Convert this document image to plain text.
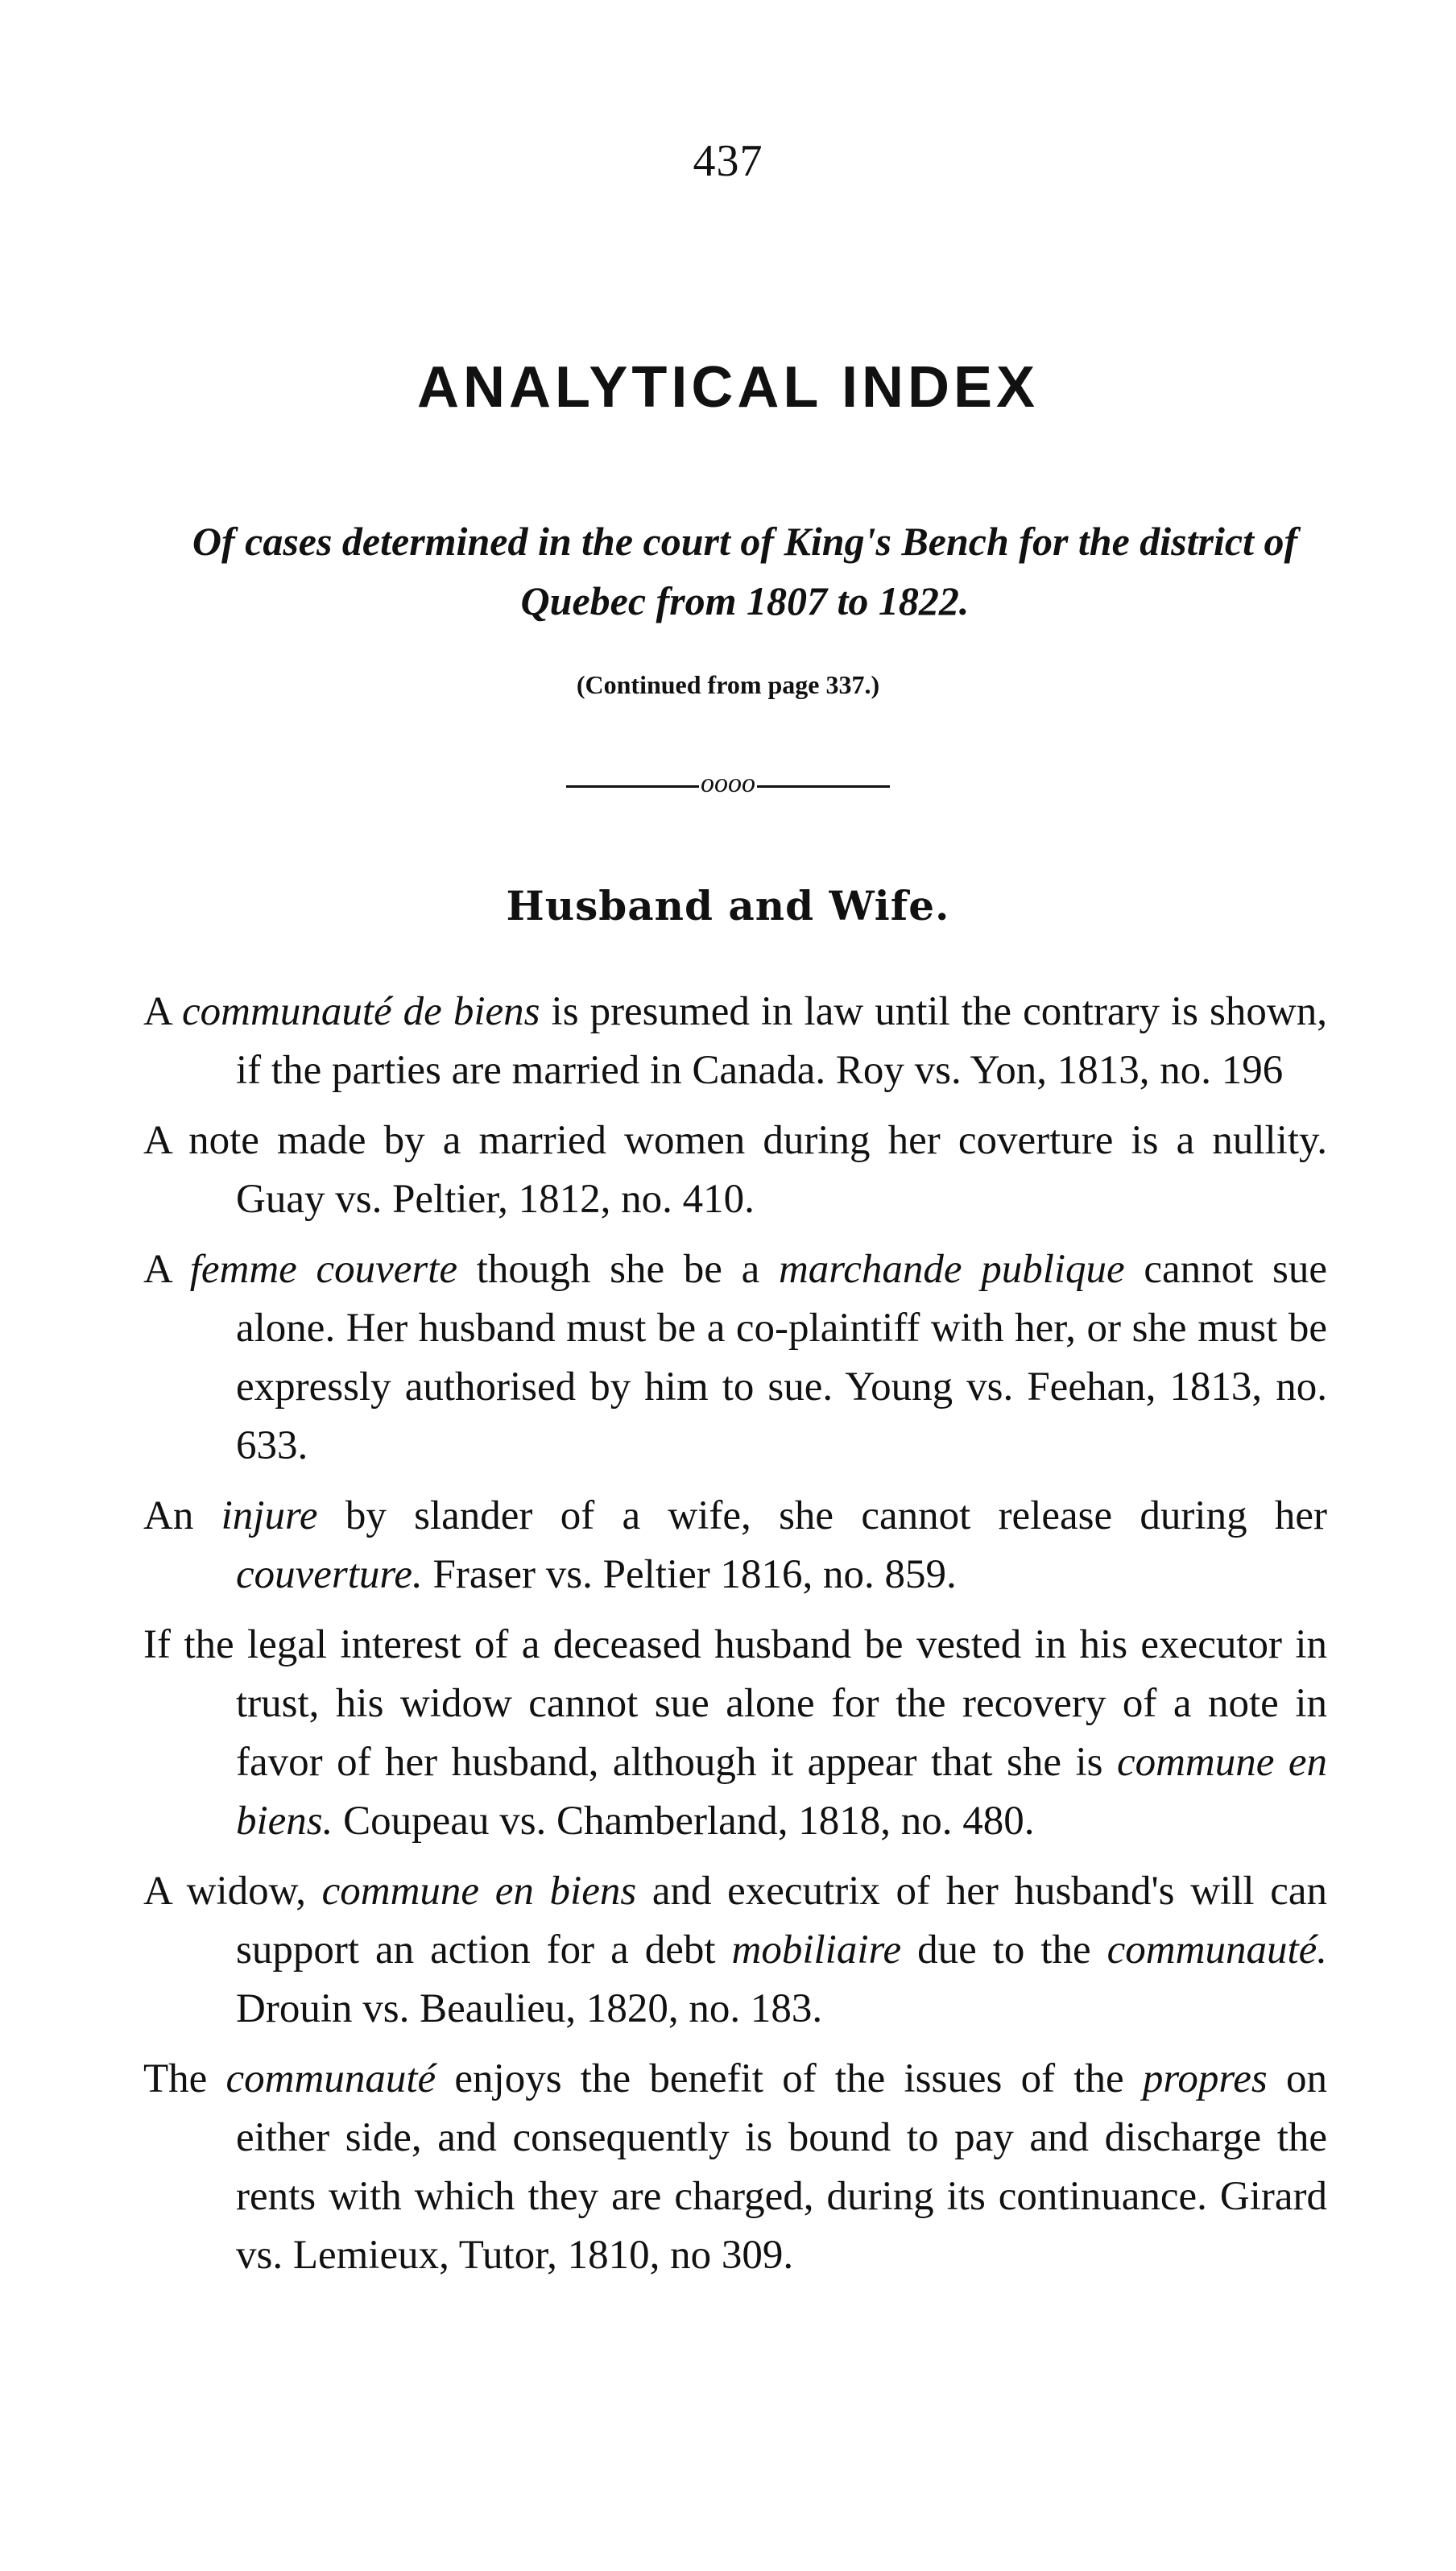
437
ANALYTICAL INDEX
Of cases determined in the court of King's Bench for the district of Quebec from 1807 to 1822.
(Continued from page 337.)
oooo
Husband and Wife.

A communauté de biens is presumed in law until the contrary is shown, if the parties are married in Canada. Roy vs. Yon, 1813, no. 196

A note made by a married women during her coverture is a nullity. Guay vs. Peltier, 1812, no. 410.

A femme couverte though she be a marchande publique cannot sue alone. Her husband must be a co-plaintiff with her, or she must be expressly authorised by him to sue. Young vs. Feehan, 1813, no. 633.

An injure by slander of a wife, she cannot release during her couverture. Fraser vs. Peltier 1816, no. 859.

If the legal interest of a deceased husband be vested in his executor in trust, his widow cannot sue alone for the recovery of a note in favor of her husband, although it appear that she is commune en biens. Coupeau vs. Chamberland, 1818, no. 480.

A widow, commune en biens and executrix of her husband's will can support an action for a debt mobiliaire due to the communauté. Drouin vs. Beaulieu, 1820, no. 183.

The communauté enjoys the benefit of the issues of the propres on either side, and consequently is bound to pay and discharge the rents with which they are charged, during its continuance. Girard vs. Lemieux, Tutor, 1810, no 309.
